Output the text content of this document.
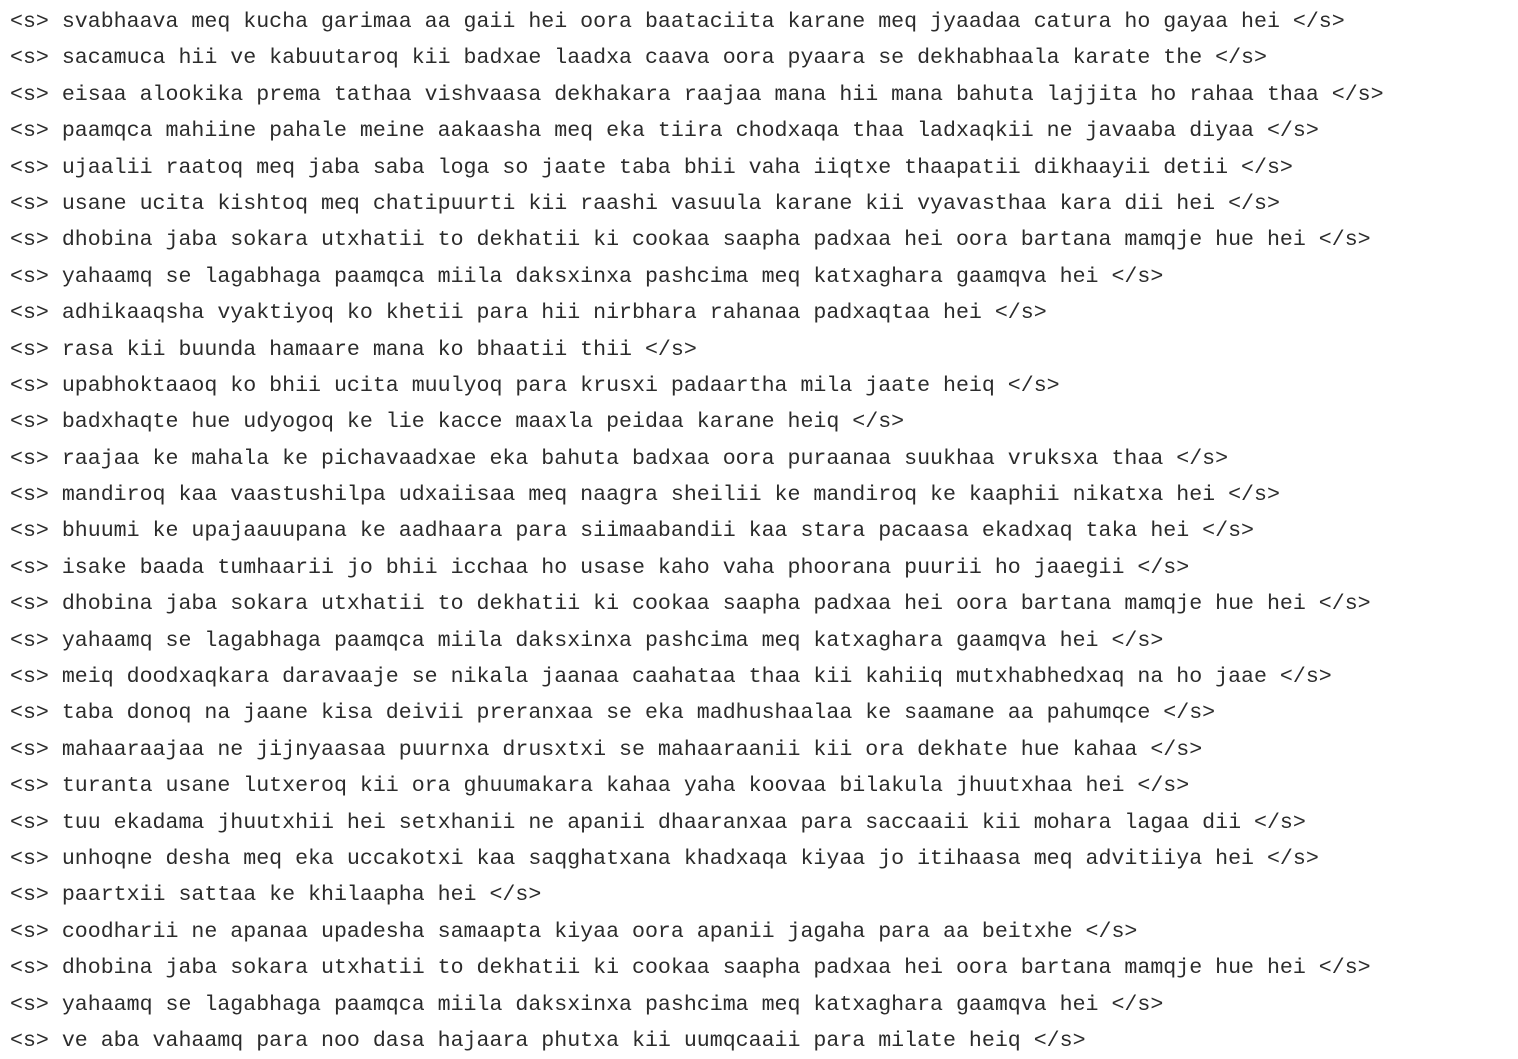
<s> svabhaava meq kucha garimaa aa gaii hei oora baataciita karane meq jyaadaa catura ho gayaa hei </s>
<s> sacamuca hii ve kabuutaroq kii badxae laadxa caava oora pyaara se dekhabhaala karate the </s>
<s> eisaa alookika prema tathaa vishvaasa dekhakara raajaa mana hii mana bahuta lajjita ho rahaa thaa </s>
<s> paamqca mahiine pahale meine aakaasha meq eka tiira chodxaqa thaa ladxaqkii ne javaaba diyaa </s>
<s> ujaalii raatoq meq jaba saba loga so jaate taba bhii vaha iiqtxe thaapatii dikhaayii detii </s>
<s> usane ucita kishtoq meq chatipuurti kii raashi vasuula karane kii vyavasthaa kara dii hei </s>
<s> dhobina jaba sokara utxhatii to dekhatii ki cookaa saapha padxaa hei oora bartana mamqje hue hei </s>
<s> yahaamq se lagabhaga paamqca miila daksxinxa pashcima meq katxaghara gaamqva hei </s>
<s> adhikaaqsha vyaktiyoq ko khetii para hii nirbhara rahanaa padxaqtaa hei </s>
<s> rasa kii buunda hamaare mana ko bhaatii thii </s>
<s> upabhoktaaoq ko bhii ucita muulyoq para krusxi padaartha mila jaate heiq </s>
<s> badxhaqte hue udyogoq ke lie kacce maaxla peidaa karane heiq </s>
<s> raajaa ke mahala ke pichavaadxae eka bahuta badxaa oora puraanaa suukhaa vruksxa thaa </s>
<s> mandiroq kaa vaastushilpa udxaiisaa meq naagra sheilii ke mandiroq ke kaaphii nikatxa hei </s>
<s> bhuumi ke upajaauupana ke aadhaara para siimaabandii kaa stara pacaasa ekadxaq taka hei </s>
<s> isake baada tumhaarii jo bhii icchaa ho usase kaho vaha phoorana puurii ho jaaegii </s>
<s> dhobina jaba sokara utxhatii to dekhatii ki cookaa saapha padxaa hei oora bartana mamqje hue hei </s>
<s> yahaamq se lagabhaga paamqca miila daksxinxa pashcima meq katxaghara gaamqva hei </s>
<s> meiq doodxaqkara daravaaje se nikala jaanaa caahataa thaa kii kahiiq mutxhabhedxaq na ho jaae </s>
<s> taba donoq na jaane kisa deivii preranxaa se eka madhushaalaa ke saamane aa pahumqce </s>
<s> mahaaraajaa ne jijnyaasaa puurnxa drusxtxi se mahaaraanii kii ora dekhate hue kahaa </s>
<s> turanta usane lutxeroq kii ora ghuumakara kahaa yaha koovaa bilakula jhuutxhaa hei </s>
<s> tuu ekadama jhuutxhii hei setxhanii ne apanii dhaaranxaa para saccaaii kii mohara lagaa dii </s>
<s> unhoqne desha meq eka uccakotxi kaa saqghatxana khadxaqa kiyaa jo itihaasa meq advitiiya hei </s>
<s> paartxii sattaa ke khilaapha hei </s>
<s> coodharii ne apanaa upadesha samaapta kiyaa oora apanii jagaha para aa beitxhe </s>
<s> dhobina jaba sokara utxhatii to dekhatii ki cookaa saapha padxaa hei oora bartana mamqje hue hei </s>
<s> yahaamq se lagabhaga paamqca miila daksxinxa pashcima meq katxaghara gaamqva hei </s>
<s> ve aba vahaamq para noo dasa hajaara phutxa kii uumqcaaii para milate heiq </s>
